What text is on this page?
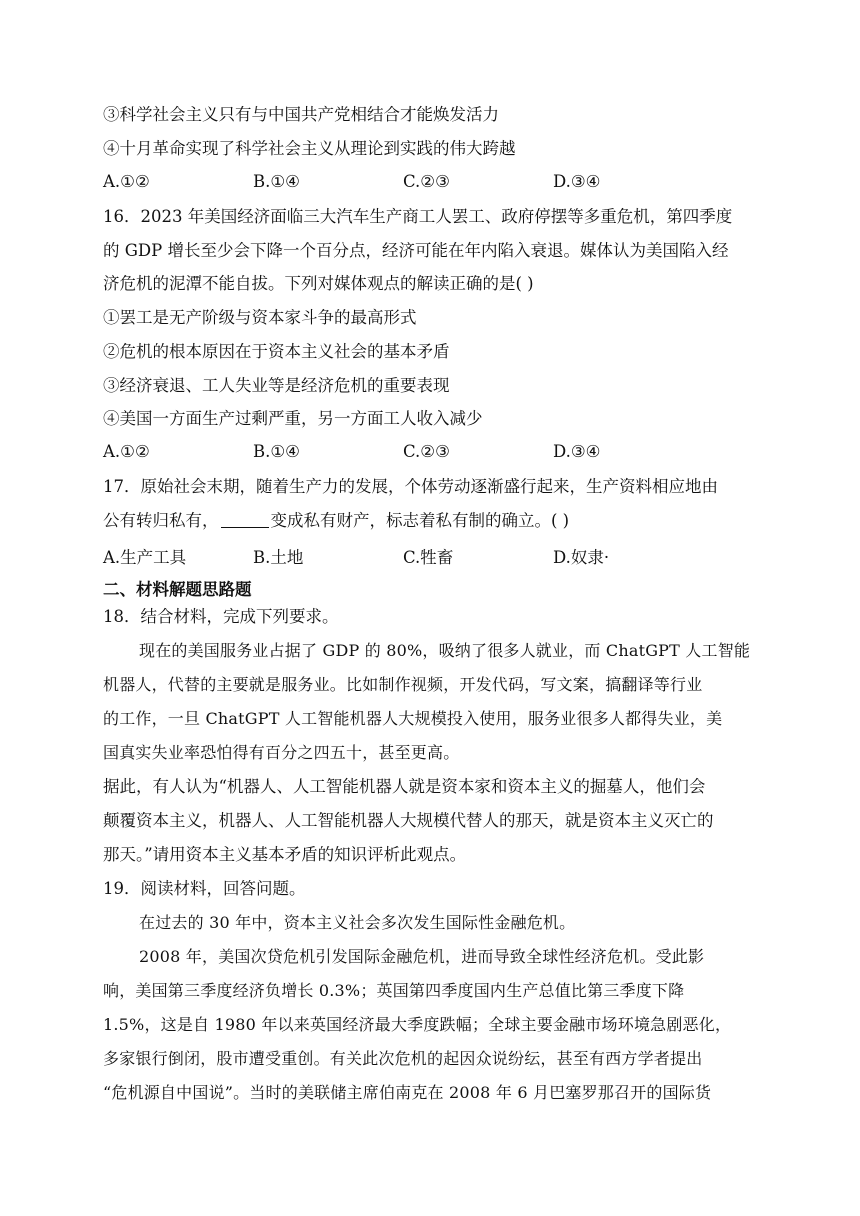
③科学社会主义只有与中国共产党相结合才能焕发活力
④十月革命实现了科学社会主义从理论到实践的伟大跨越
A.①②	B.①④	C.②③	D.③④
16．2023 年美国经济面临三大汽车生产商工人罢工、政府停摆等多重危机，第四季度
的 GDP 增长至少会下降一个百分点，经济可能在年内陷入衰退。媒体认为美国陷入经
济危机的泥潭不能自拔。下列对媒体观点的解读正确的是( )
①罢工是无产阶级与资本家斗争的最高形式
②危机的根本原因在于资本主义社会的基本矛盾
③经济衰退、工人失业等是经济危机的重要表现
④美国一方面生产过剩严重，另一方面工人收入减少
A.①②	B.①④	C.②③	D.③④
17．原始社会末期，随着生产力的发展，个体劳动逐渐盛行起来，生产资料相应地由
公有转归私有，	变成私有财产，标志着私有制的确立。( )
A.生产工具	B.土地	C.牲畜	D.奴隶·
二、材料解题思路题
18．结合材料，完成下列要求。
现在的美国服务业占据了 GDP 的 80%，吸纳了很多人就业，而 ChatGPT 人工智能
机器人，代替的主要就是服务业。比如制作视频，开发代码，写文案，搞翻译等行业
的工作，一旦 ChatGPT 人工智能机器人大规模投入使用，服务业很多人都得失业，美
国真实失业率恐怕得有百分之四五十，甚至更高。
据此，有人认为“机器人、人工智能机器人就是资本家和资本主义的掘墓人，他们会
颠覆资本主义，机器人、人工智能机器人大规模代替人的那天，就是资本主义灭亡的
那天。”请用资本主义基本矛盾的知识评析此观点。
19．阅读材料，回答问题。
在过去的 30 年中，资本主义社会多次发生国际性金融危机。
2008 年，美国次贷危机引发国际金融危机，进而导致全球性经济危机。受此影
响，美国第三季度经济负增长 0.3%；英国第四季度国内生产总值比第三季度下降
1.5%，这是自 1980 年以来英国经济最大季度跌幅；全球主要金融市场环境急剧恶化，
多家银行倒闭，股市遭受重创。有关此次危机的起因众说纷纭，甚至有西方学者提出
“危机源自中国说”。当时的美联储主席伯南克在 2008 年 6 月巴塞罗那召开的国际货
